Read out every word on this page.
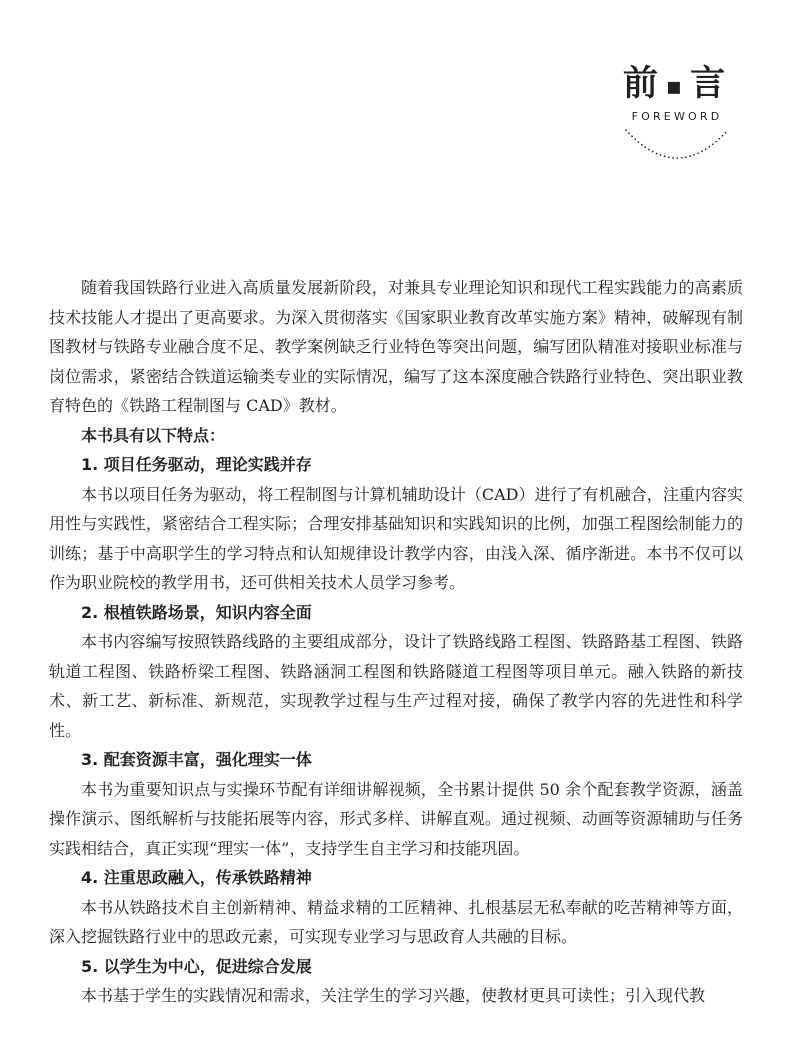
前 ▪ 言
FOREWORD

随着我国铁路行业进入高质量发展新阶段，对兼具专业理论知识和现代工程实践能力的高素质技术技能人才提出了更高要求。为深入贯彻落实《国家职业教育改革实施方案》精神，破解现有制图教材与铁路专业融合度不足、教学案例缺乏行业特色等突出问题，编写团队精准对接职业标准与岗位需求，紧密结合铁道运输类专业的实际情况，编写了这本深度融合铁路行业特色、突出职业教育特色的《铁路工程制图与 CAD》教材。

本书具有以下特点：

1. 项目任务驱动，理论实践并存

本书以项目任务为驱动，将工程制图与计算机辅助设计（CAD）进行了有机融合，注重内容实用性与实践性，紧密结合工程实际；合理安排基础知识和实践知识的比例，加强工程图绘制能力的训练；基于中高职学生的学习特点和认知规律设计教学内容，由浅入深、循序渐进。本书不仅可以作为职业院校的教学用书，还可供相关技术人员学习参考。

2. 根植铁路场景，知识内容全面

本书内容编写按照铁路线路的主要组成部分，设计了铁路线路工程图、铁路路基工程图、铁路轨道工程图、铁路桥梁工程图、铁路涵洞工程图和铁路隧道工程图等项目单元。融入铁路的新技术、新工艺、新标准、新规范，实现教学过程与生产过程对接，确保了教学内容的先进性和科学性。

3. 配套资源丰富，强化理实一体

本书为重要知识点与实操环节配有详细讲解视频，全书累计提供 50 余个配套教学资源，涵盖操作演示、图纸解析与技能拓展等内容，形式多样、讲解直观。通过视频、动画等资源辅助与任务实践相结合，真正实现“理实一体”，支持学生自主学习和技能巩固。

4. 注重思政融入，传承铁路精神

本书从铁路技术自主创新精神、精益求精的工匠精神、扎根基层无私奉献的吃苦精神等方面，深入挖掘铁路行业中的思政元素，可实现专业学习与思政育人共融的目标。

5. 以学生为中心，促进综合发展

本书基于学生的实践情况和需求，关注学生的学习兴趣，使教材更具可读性；引入现代教
